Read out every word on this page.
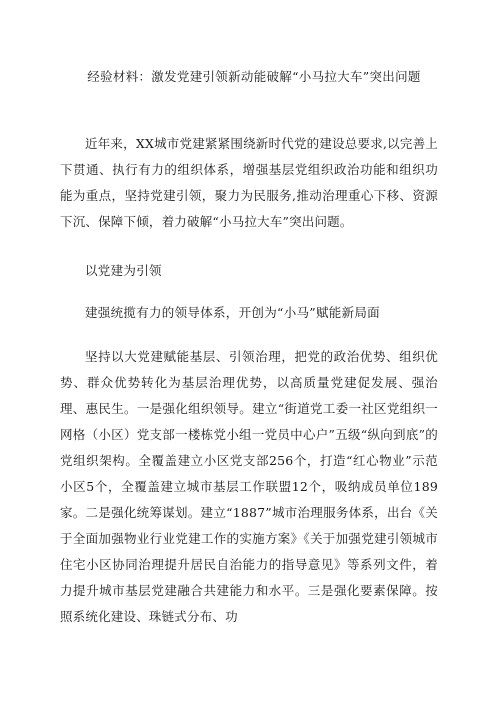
经验材料：激发党建引领新动能破解“小马拉大车”突出问题
近年来，XX城市党建紧紧围绕新时代党的建设总要求,以完善上下贯通、执行有力的组织体系，增强基层党组织政治功能和组织功能为重点，坚持党建引领，聚力为民服务,推动治理重心下移、资源下沉、保障下倾，着力破解“小马拉大车”突出问题。
以党建为引领
建强统揽有力的领导体系，开创为“小马”赋能新局面
坚持以大党建赋能基层、引领治理，把党的政治优势、组织优势、群众优势转化为基层治理优势，以高质量党建促发展、强治理、惠民生。一是强化组织领导。建立“街道党工委一社区党组织一网格（小区）党支部一楼栋党小组一党员中心户”五级“纵向到底”的党组织架构。全覆盖建立小区党支部256个，打造“红心物业”示范小区5个，全覆盖建立城市基层工作联盟12个，吸纳成员单位189家。二是强化统筹谋划。建立“1887”城市治理服务体系，出台《关于全面加强物业行业党建工作的实施方案》《关于加强党建引领城市住宅小区协同治理提升居民自治能力的指导意见》等系列文件，着力提升城市基层党建融合共建能力和水平。三是强化要素保障。按照系统化建设、珠链式分布、功
